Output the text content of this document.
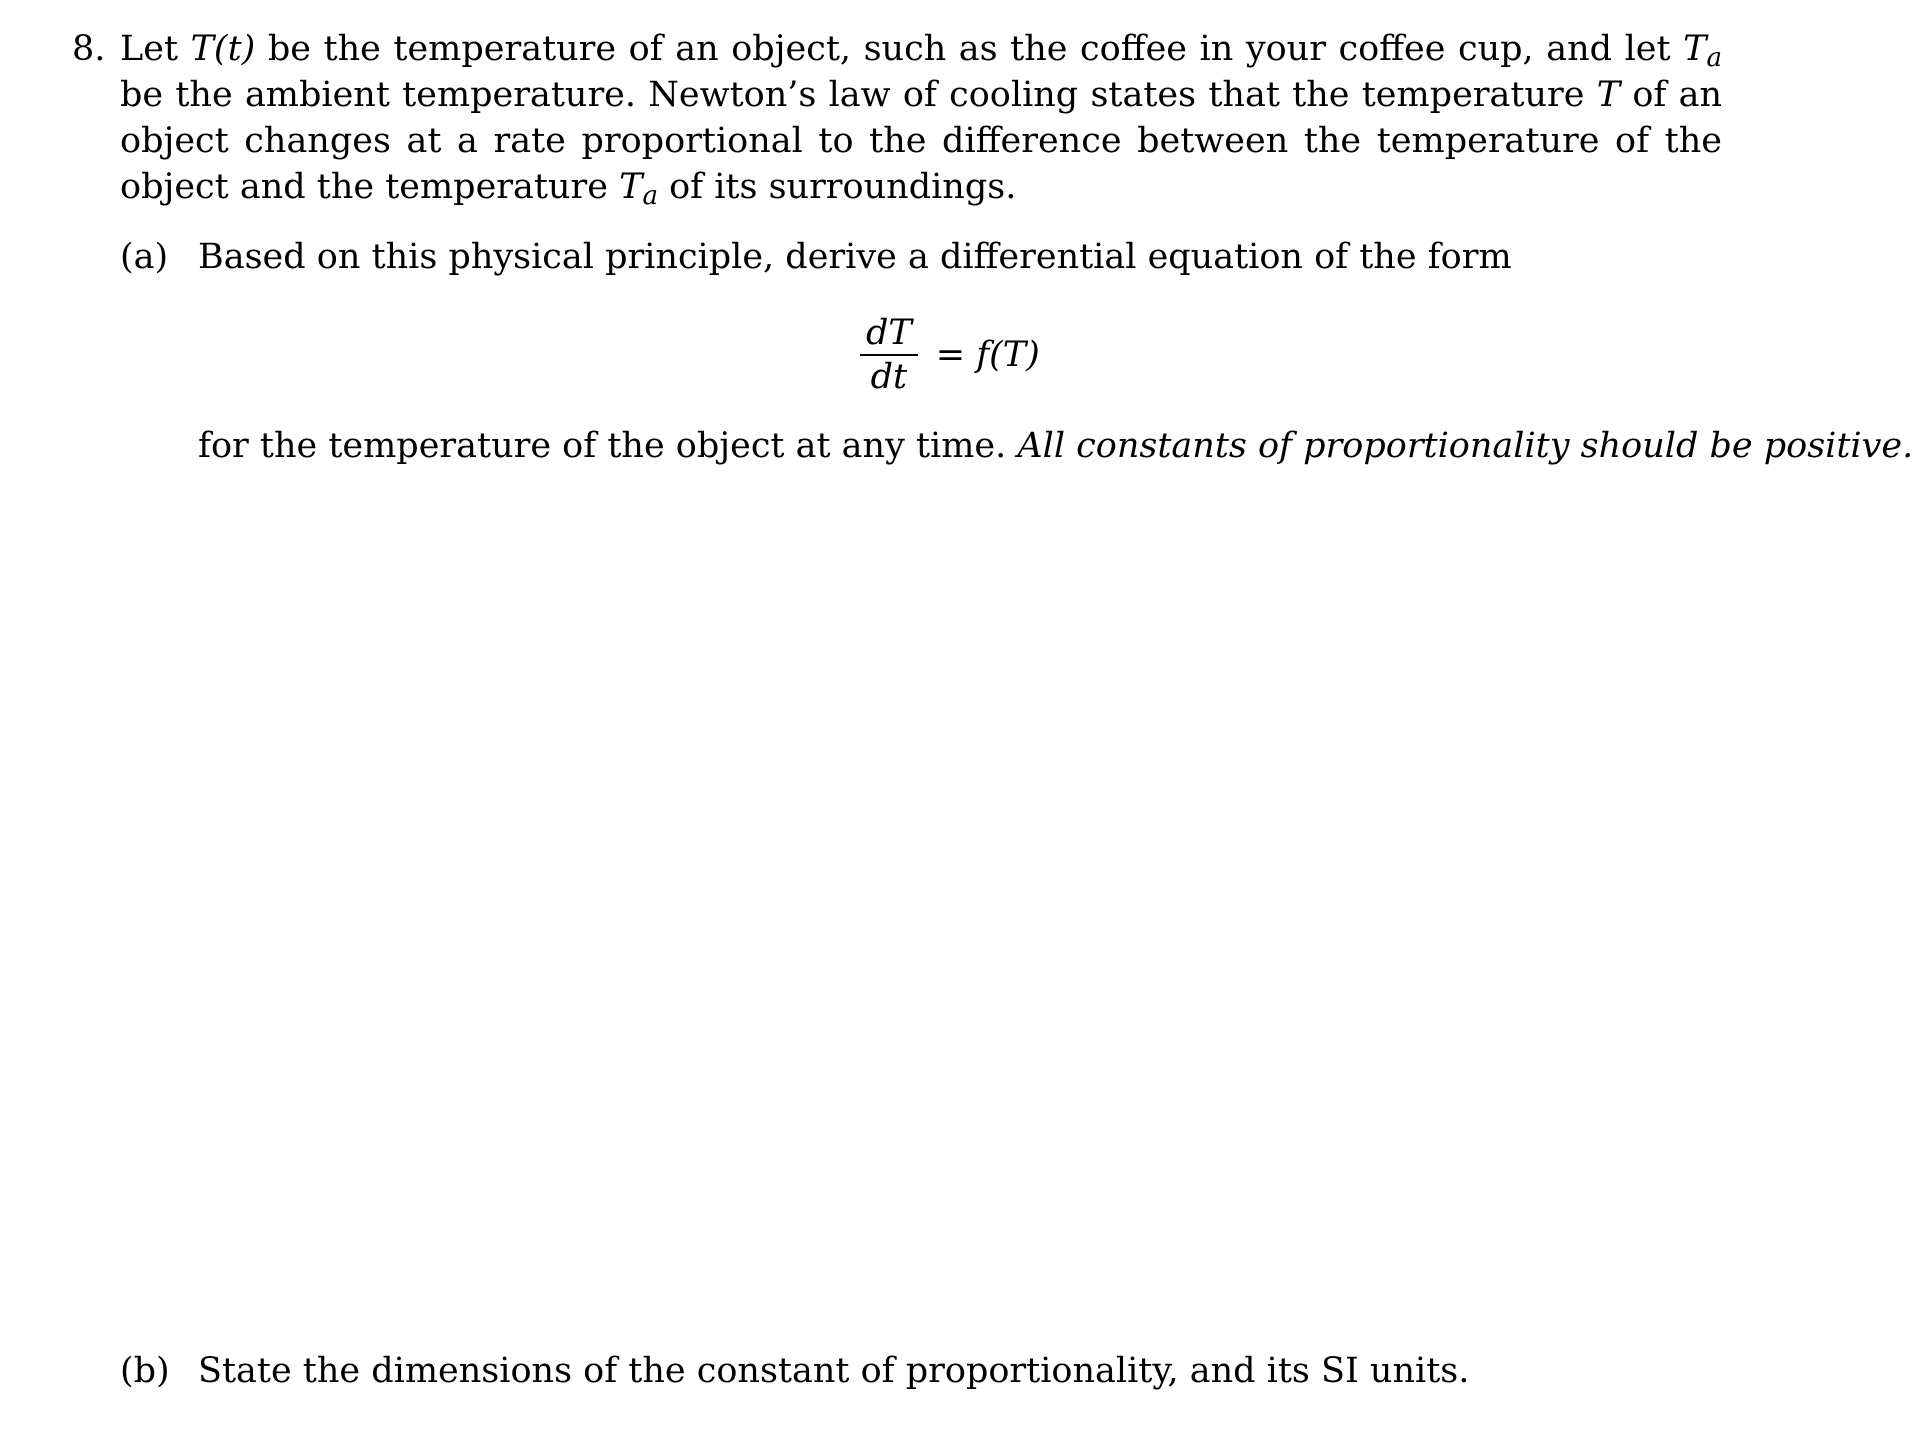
8. Let T(t) be the temperature of an object, such as the coffee in your coffee cup, and let $T_a$ be the ambient temperature. Newton’s law of cooling states that the temperature T of an object changes at a rate proportional to the difference between the temperature of the object and the temperature $T_a$ of its surroundings.

(a) Based on this physical principle, derive a differential equation of the form
$\frac{dT}{dt} = f(T)$
for the temperature of the object at any time. All constants of proportionality should be positive.
(b) State the dimensions of the constant of proportionality, and its SI units.
